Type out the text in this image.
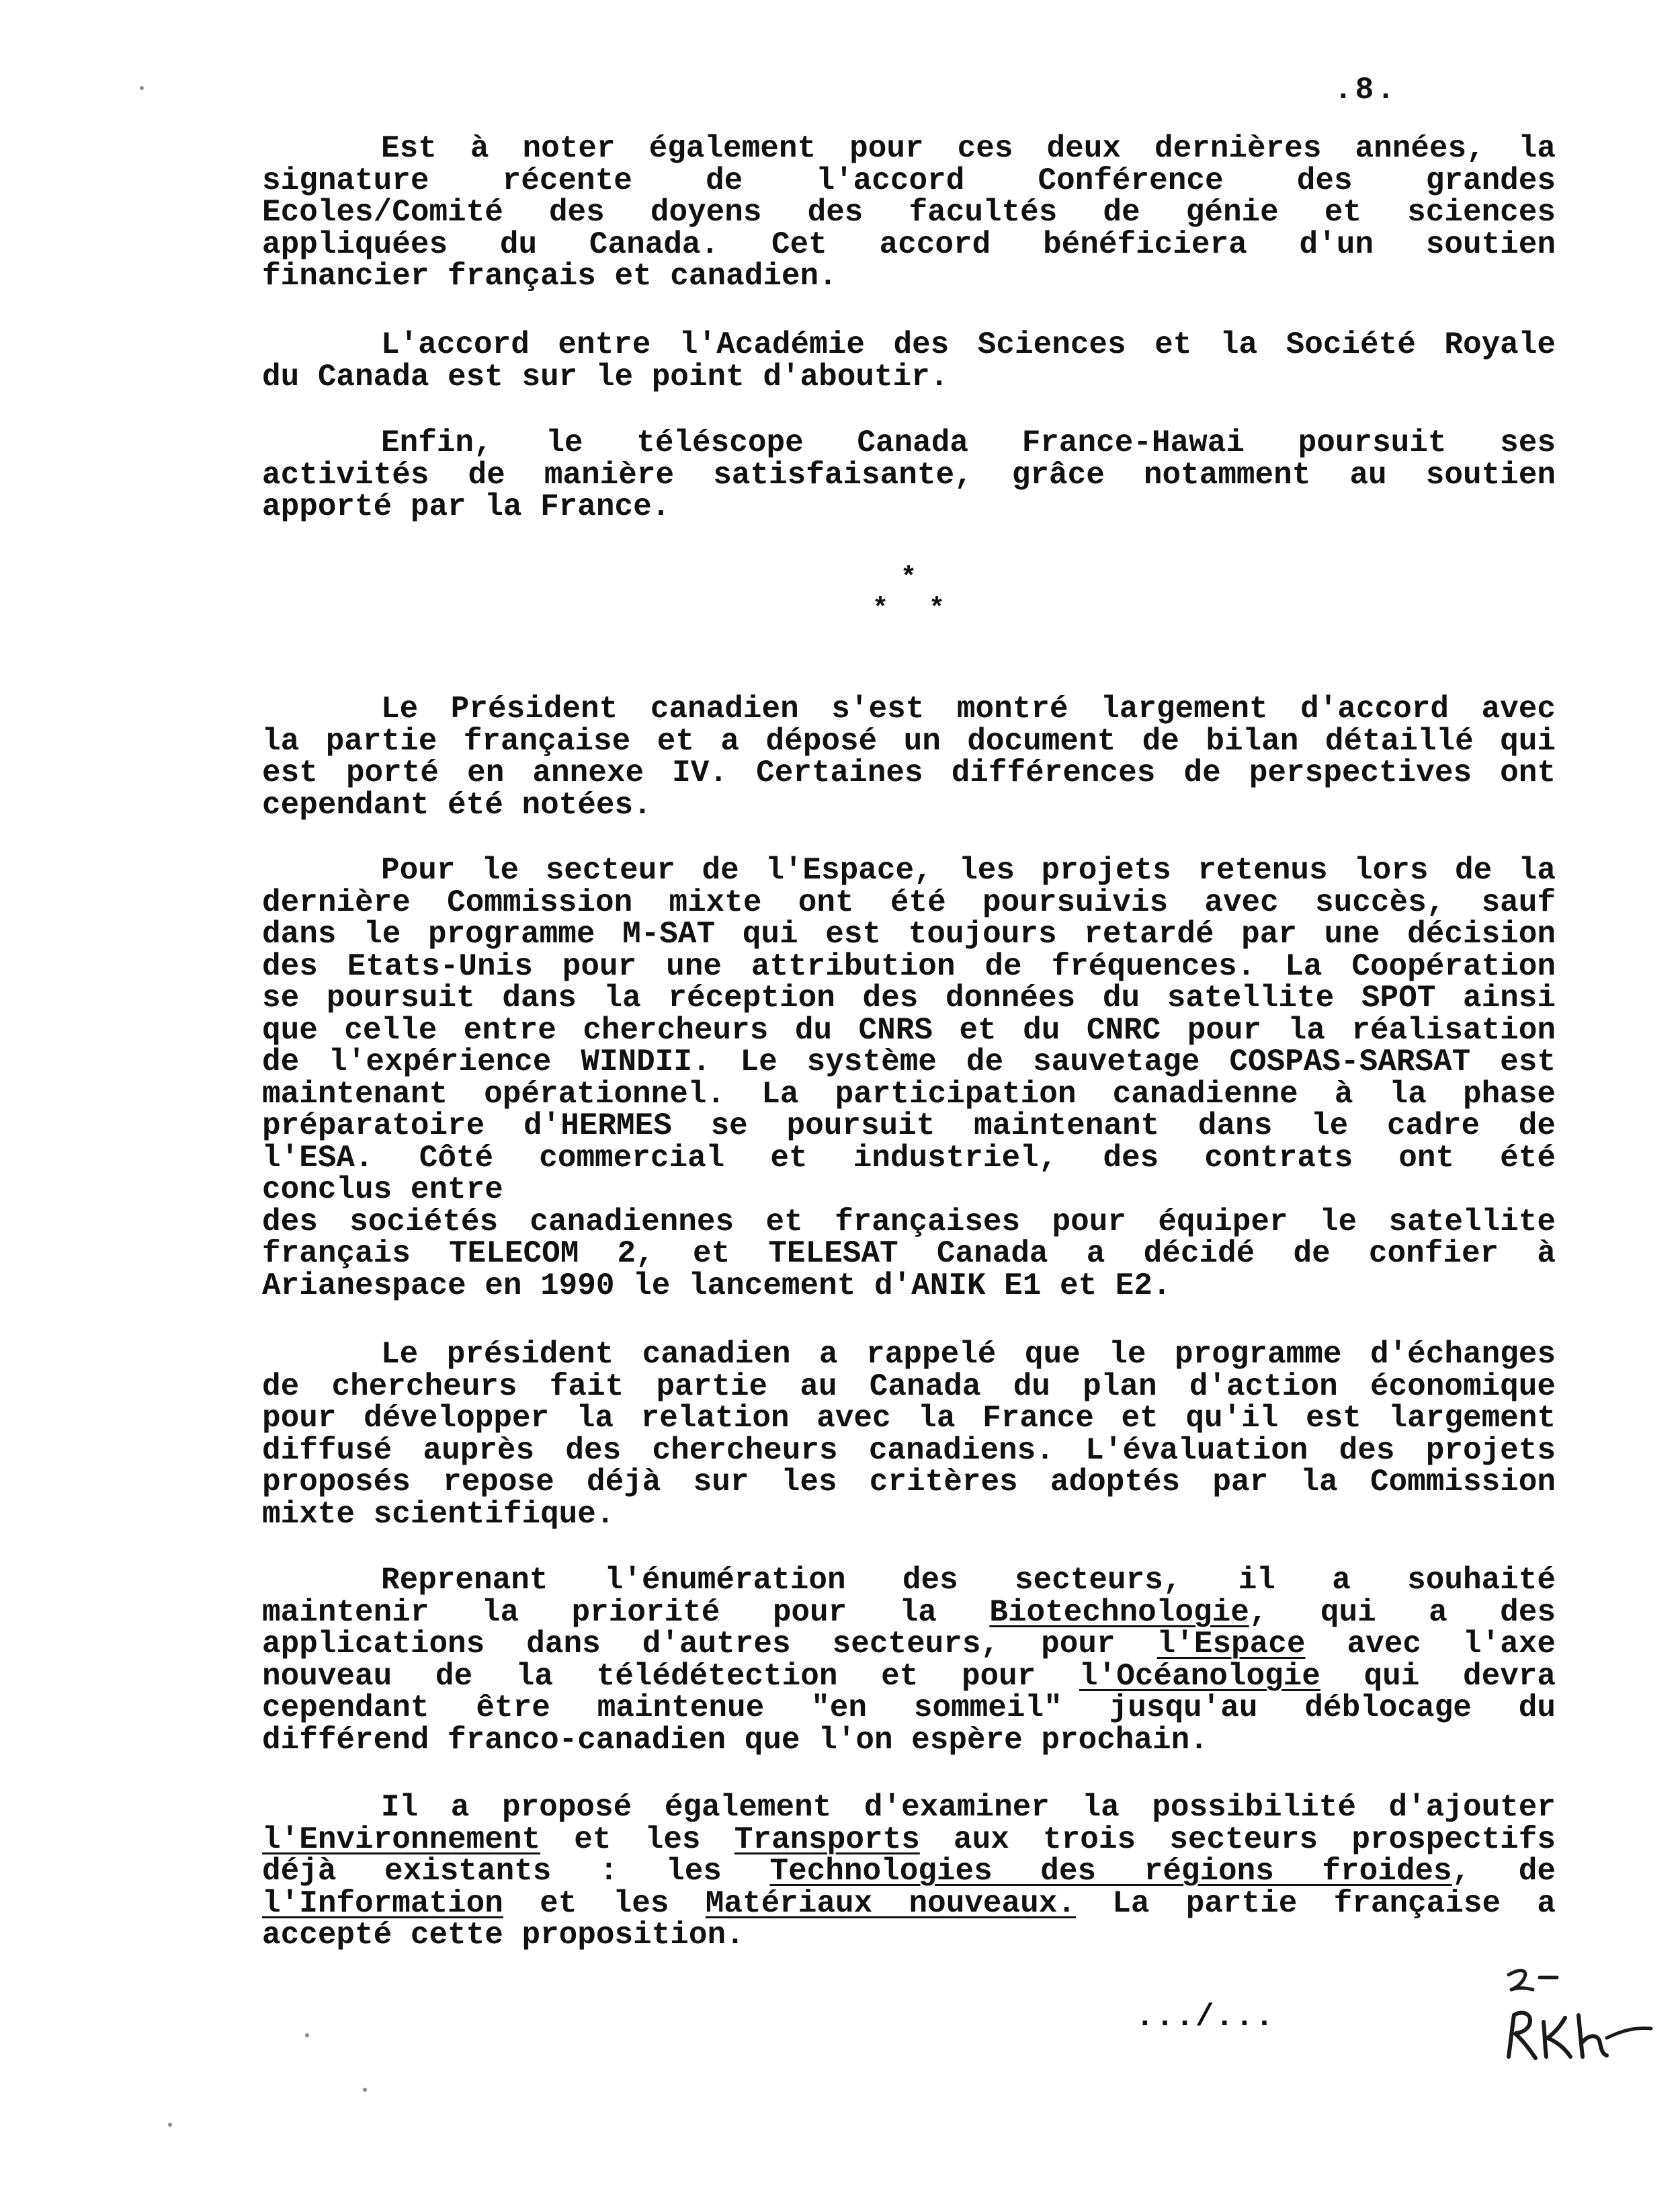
.8.
Est à noter également pour ces deux dernières années, la
signature récente de l'accord Conférence des grandes
Ecoles/Comité des doyens des facultés de génie et sciences
appliquées du Canada. Cet accord bénéficiera d'un soutien
financier français et canadien.
L'accord entre l'Académie des Sciences et la Société Royale
du Canada est sur le point d'aboutir.
Enfin, le téléscope Canada France-Hawai poursuit ses
activités de manière satisfaisante, grâce notamment au soutien
apporté par la France.
*
* *
Le Président canadien s'est montré largement d'accord avec
la partie française et a déposé un document de bilan détaillé qui
est porté en annexe IV. Certaines différences de perspectives ont
cependant été notées.
Pour le secteur de l'Espace, les projets retenus lors de la
dernière Commission mixte ont été poursuivis avec succès, sauf
dans le programme M-SAT qui est toujours retardé par une décision
des Etats-Unis pour une attribution de fréquences. La Coopération
se poursuit dans la réception des données du satellite SPOT ainsi
que celle entre chercheurs du CNRS et du CNRC pour la réalisation
de l'expérience WINDII. Le système de sauvetage COSPAS-SARSAT est
maintenant opérationnel. La participation canadienne à la phase
préparatoire d'HERMES se poursuit maintenant dans le cadre de
l'ESA. Côté commercial et industriel, des contrats ont été
conclus entre
des sociétés canadiennes et françaises pour équiper le satellite
français TELECOM 2, et TELESAT Canada a décidé de confier à
Arianespace en 1990 le lancement d'ANIK E1 et E2.
Le président canadien a rappelé que le programme d'échanges
de chercheurs fait partie au Canada du plan d'action économique
pour développer la relation avec la France et qu'il est largement
diffusé auprès des chercheurs canadiens. L'évaluation des projets
proposés repose déjà sur les critères adoptés par la Commission
mixte scientifique.
Reprenant l'énumération des secteurs, il a souhaité
maintenir la priorité pour la Biotechnologie, qui a des
applications dans d'autres secteurs, pour l'Espace avec l'axe
nouveau de la télédétection et pour l'Océanologie qui devra
cependant être maintenue "en sommeil" jusqu'au déblocage du
différend franco-canadien que l'on espère prochain.
Il a proposé également d'examiner la possibilité d'ajouter
l'Environnement et les Transports aux trois secteurs prospectifs
déjà existants : les Technologies des régions froides, de
l'Information et les Matériaux nouveaux. La partie française a
accepté cette proposition.
.../...
